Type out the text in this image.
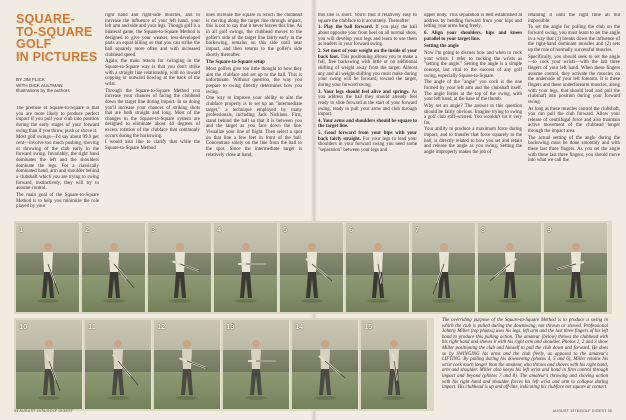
SQUARE-
TO-SQUARE
GOLF
IN PICTURES
BY JIM FLICK
WITH DICK AULTMAN
Illustrations by the authors

The premise of Square-to-Square is that you are more likely to produce perfect impact if you pull your club into position during the early stages of your forward swing than if you throw, push or shove it.

Most golf swings—I'd say about 99.9 per cent—involve too much pushing, shoving or throwing of the club early in the forward swing. Invariably, the right hand dominates the left and the shoulders dominate the legs. For a classically dominated hand, arm and shoulder behind a clubshaft which you are trying to swing forward, instinctively, they will try to assume control.

The main goal of the Square-to-Square Method is to help you minimize the role played by your

right hand and right-side muscles, and to increase the influence of your left hand, your left arm and side and your legs. Though golf is a bilateral game, the Square-to-Square Method is designed to give your weaker, less-developed parts an equal billing so that you can strike the ball squarely more often and with increased clubhead speed.

Again, the main reason for swinging in the Square-to-Square way is that you don't strike with a straight line relationship, with no inward cupping or outward bowing at the back of the wrist.

Through the Square-to-Square Method you increase your chances of facing the clubhead down the target line during impact. In so doing you'll increase your chances of striking shots that are both straight and long. Most of the changes in the Square-to-Square system are designed to eliminate about 40 degrees of excess rotation of the clubface that commonly occurs during the backswing.

I would also like to clarify that while the Square-to-Square Method

does increase the square in which the clubhead is moving along the target line through impact, this is not to say that it never leaves this line. As in all golf swings, the clubhead moves to the golfer's side of the target line fairly early in the backswing, remains on this side until near impact, and then returns to the golfer's side shortly thereafter.

The Square-to-Square setup

Most golfers give too little thought to how they aim the clubface and set up to the ball. This is unfortunate. Without question, the way you prepare to swing directly determines how you swing.

One way to improve your ability to aim the clubface properly is to set up an "intermediate target," a technique employed by many professionals, including Jack Nicklaus. First, stand behind the ball so that it is between you and the target as you face down the line. Visualize your line of flight. Then select a spot on that line a few feet in front of the ball. Concentrate solely on the line from the ball to the spot. Since the intermediate target is relatively close at hand,

this line is short. You'll find it relatively easy to square the clubface to it accurately. Thereafter:

1. Play the ball forward. If you play the ball about opposite your front heel on all normal shots, you will develop your legs and learn to use them as leaders in your forward swing.

2. Set most of your weight on the inside of your back foot. This positioning allows you to make a full, free backswing with little or no additional shifting of weight away from the target. Almost any and all weight-shifting you must make during your swing will be forward, toward the target, during your forward swing.

3. Your legs should feel alive and springy. As you address the ball they should already feel ready to slide forward at the start of your forward swing, ready to pull your arms and club through impact.

4. Your arms and shoulders should be square to the target line.

5. Good forward from your hips with your back fairly straight. For your legs to lead your shoulders in your forward swing you need some "separation" between your legs and

upper body. This separation is best established at address by bending forward from your hips and letting your arms hang freely.

6. Align your shoulders, hips and knees parallel to your target line.

Setting the angle

Now I'm going to discuss how and when to cock your wrists. I refer to cocking the wrists as "setting the angle." Setting the angle is a simple concept, but vital to the success of any golf swing, especially Square-to-Square.

The angle of the "angle" you cock is the one formed by your left arm and the clubshaft itself. The angle forms at the top of the swing, with your left hand, at the base of the thumb.

Why set an angle? The answer to this question should be fairly obvious. Imagine trying to swing a golf club stiff-wristed. You wouldn't hit it very far.

Your ability to produce a maximum force during impact, and to transfer that force squarely to the ball, is directly related to how you set and retain and release the angle as you swing. Setting the angle improperly makes the job of

retaining it until the right time all but impossible.

To set the angle for pulling the club on the forward swing, you must learn to set the angle in a way that (1) breaks down the influence of the right-hand dominant muscles and (2) sets up the role of normally successful muscles.

Specifically, you should seek to set the angle—to cock your wrists—with the last three fingers of your left hand. When these fingers assume control, they activate the muscles on the underside of your left forearm. It is these fingers and these underforearm muscles, along with your legs, that should lead and pull the clubshaft into position during your forward swing.

As long as these muscles control the clubshaft, you can pull the club forward. Allow your release of centrifugal force and also maintain active movement of the clubhead longer through the impact area.

The actual setting of the angle during the backswing must be done smoothly and with these last three fingers. As you set the angle with these last three fingers, you should move into what we call the

1	2	3	4	5	6	7	8	9
10	11	12	13	14	15

The overriding purpose of the Square-to-Square Method is to produce a swing in which the club is pulled during the downswing, not thrown or shoved. Professional Johnny Miller (top photos) uses his legs, left arm and the last three fingers of his left hand to produce this pulling action. The amateur (below) throws the clubhead with his right hand and shoves it with his right arm and shoulder. Photos 1, 2 and 3 show Miller positioning the club and himself to pull the club down and forward. He does so by SWINGING his arms and the club freely, as opposed to the amateur's LIFTING. By pulling during his downswing (photos 4, 5 and 6), Miller retains his wrist cock much longer than the amateur, who throws and shoves with his right hand, arm and shoulder. Miller also keeps his left wrist and hand in firm control through impact and beyond (photos 7 and 8). The amateur's throwing and shoving action with his right hand and shoulder forces his left wrist and arm to collapse during impact. His clubhead is up and off-line, indicating his clubface not square at contact.

34 AUGUST 1976/GOLF DIGEST	AUGUST 1976/GOLF DIGEST 35
